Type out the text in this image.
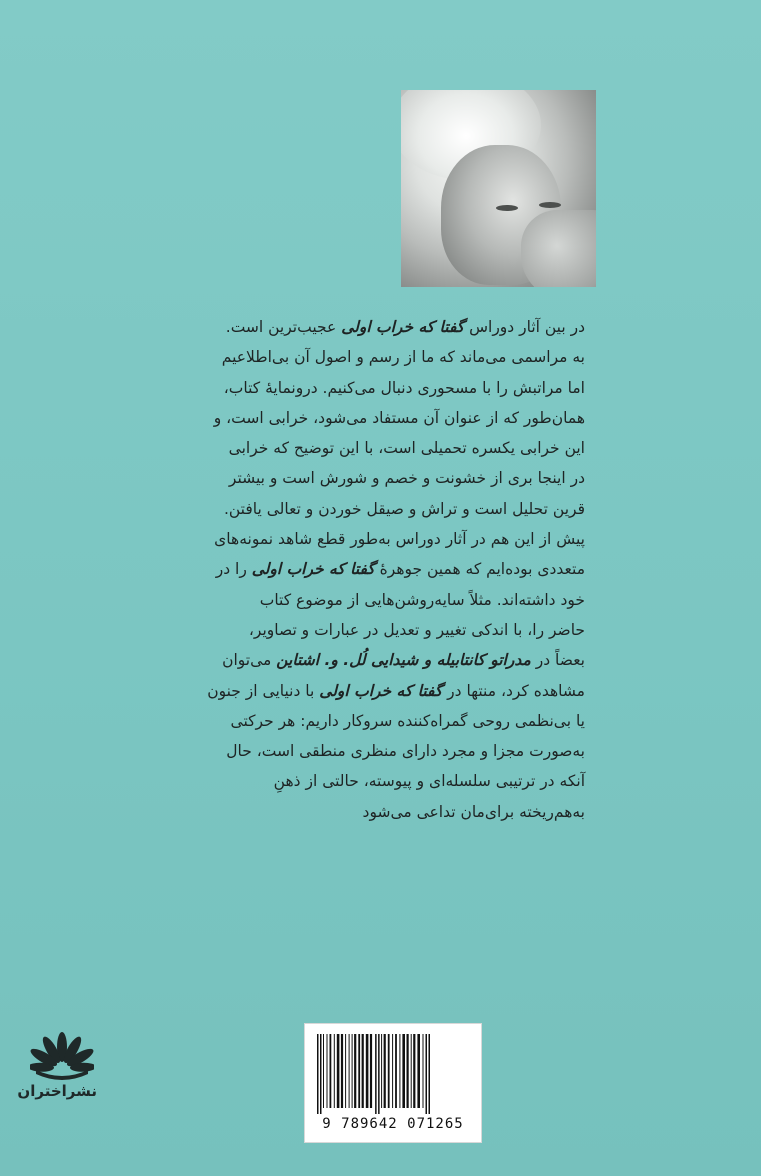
در بین آثار دوراس گفتا که خراب اولی عجیب‌ترین است.
به مراسمی می‌ماند که ما از رسم و اصول آن بی‌اطلاعیم
اما مراتبش را با مسحوری دنبال می‌کنیم. درونمایهٔ کتاب،
همان‌طور که از عنوان آن مستفاد می‌شود، خرابی است، و
این خرابی یکسره تحمیلی است، با این توضیح که خرابی
در اینجا بری از خشونت و خصم و شورش است و بیشتر
قرین تحلیل است و تراش و صیقل خوردن و تعالی یافتن.
پیش از این هم در آثار دوراس به‌طور قطع شاهد نمونه‌های
متعددی بوده‌ایم که همین جوهرهٔ گفتا که خراب اولی را در
خود داشته‌اند. مثلاً سایه‌روشن‌هایی از موضوع کتاب
حاضر را، با اندکی تغییر و تعدیل در عبارات و تصاویر،
بعضاً در مدراتو کانتابیله و شیدایی لُل. و. اشتاین می‌توان
مشاهده کرد، منتها در گفتا که خراب اولی با دنیایی از جنون
یا بی‌نظمی روحی گمراه‌کننده سروکار داریم: هر حرکتی
به‌صورت مجزا و مجرد دارای منظری منطقی است، حال
آنکه در ترتیبی سلسله‌ای و پیوسته، حالتی از ذهنِ
به‌هم‌ریخته برای‌مان تداعی می‌شود

نشراختران
9 789642 071265
